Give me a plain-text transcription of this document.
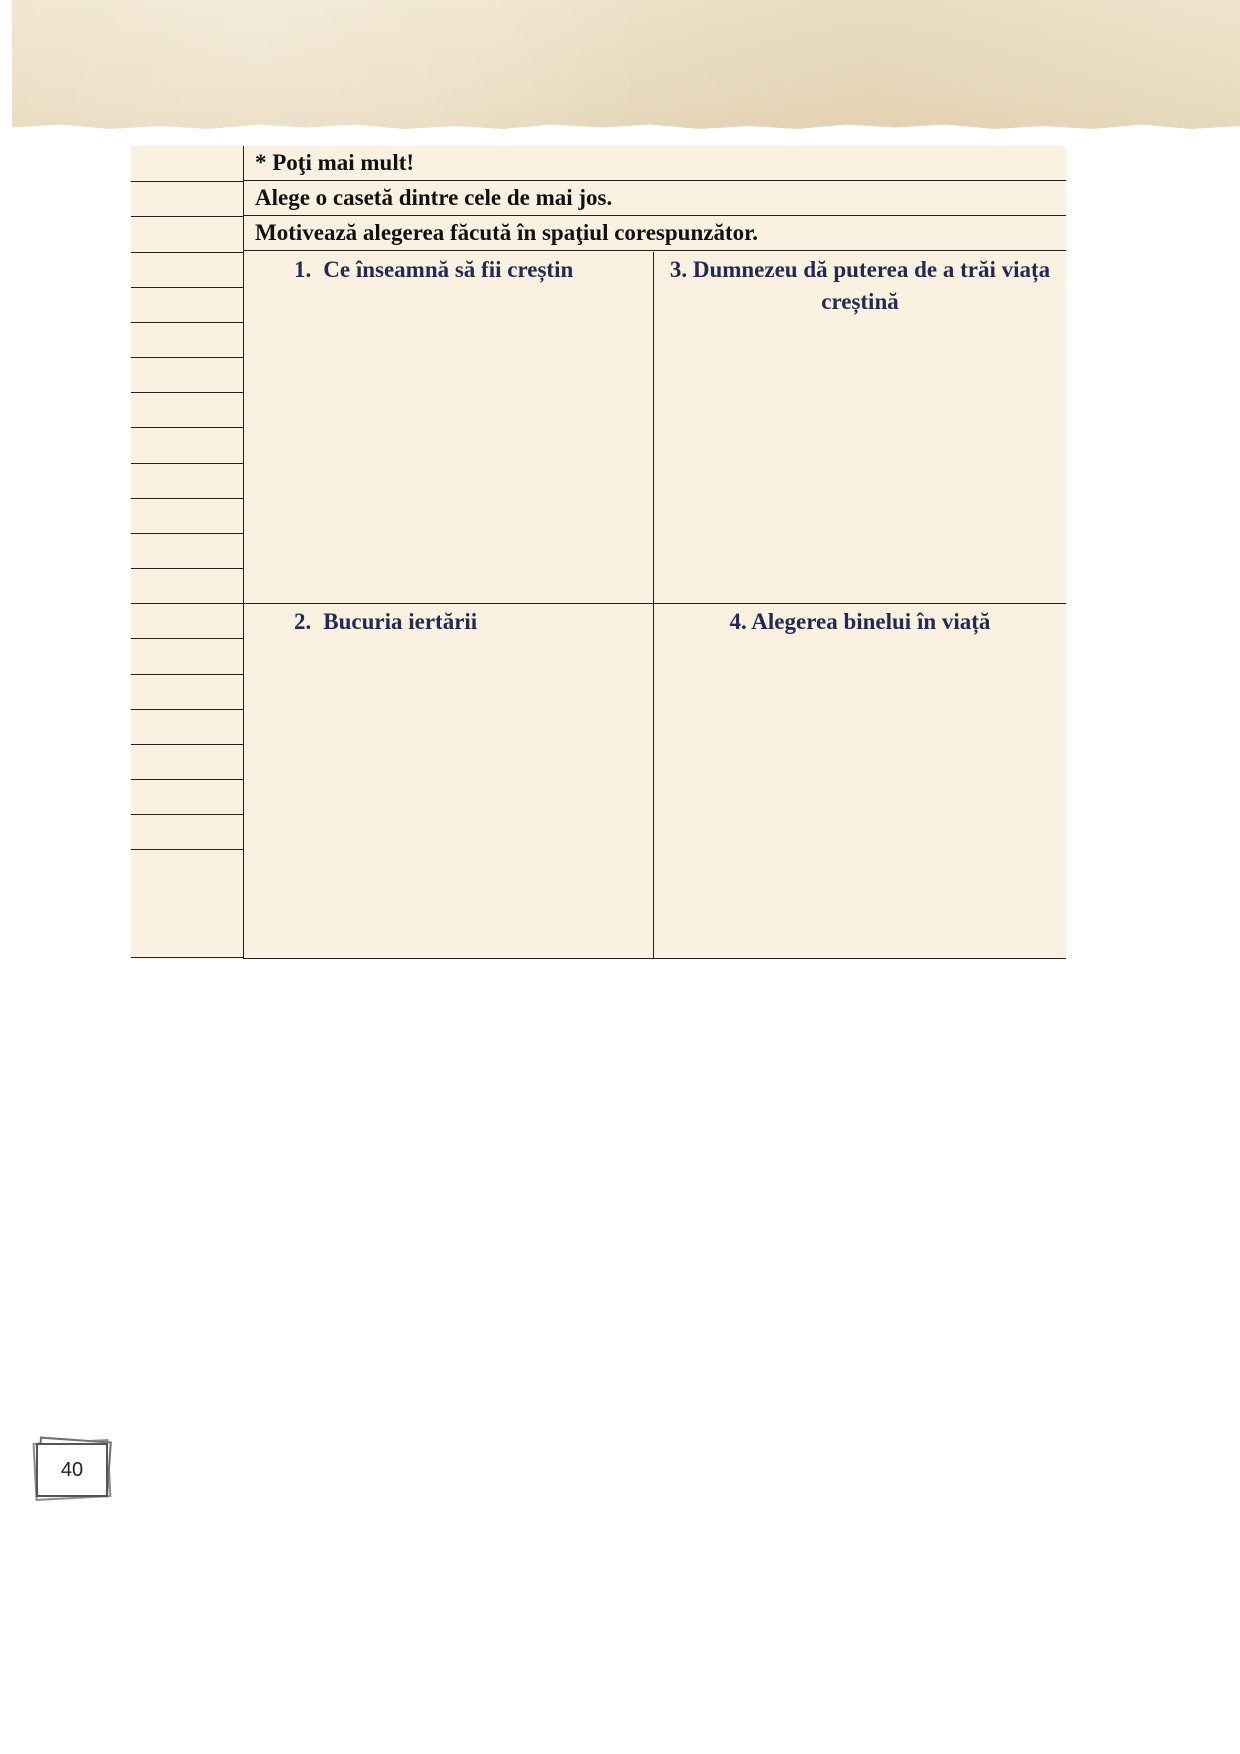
* Poţi mai mult!
Alege o casetă dintre cele de mai jos.
Motivează alegerea făcută în spaţiul corespunzător.
1. Ce înseamnă să fii creștin	3. Dumnezeu dă puterea de a trăi viața creștină
2. Bucuria iertării	4. Alegerea binelui în viață
40
